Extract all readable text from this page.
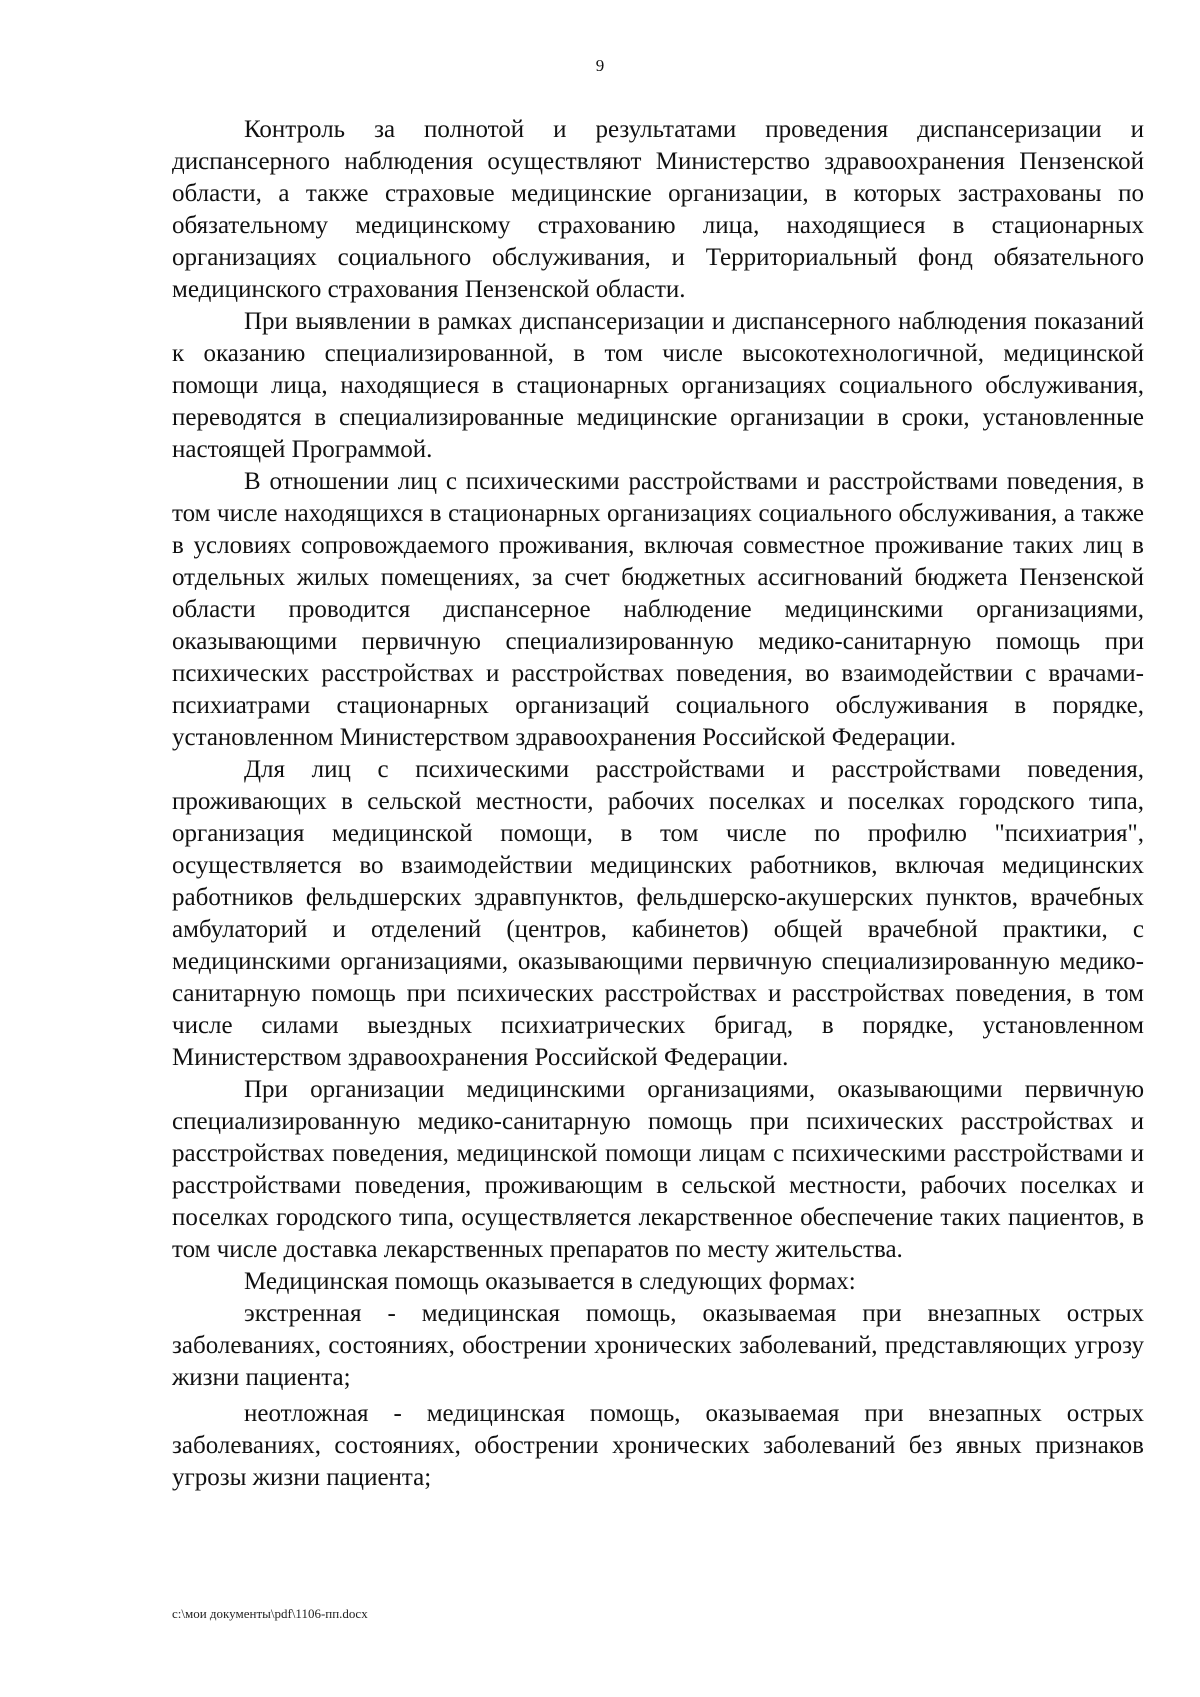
9

Контроль за полнотой и результатами проведения диспансеризации и диспансерного наблюдения осуществляют Министерство здравоохранения Пензенской области, а также страховые медицинские организации, в которых застрахованы по обязательному медицинскому страхованию лица, находящиеся в стационарных организациях социального обслуживания, и Территориальный фонд обязательного медицинского страхования Пензенской области.

При выявлении в рамках диспансеризации и диспансерного наблюдения показаний к оказанию специализированной, в том числе высокотехнологичной, медицинской помощи лица, находящиеся в стационарных организациях социального обслуживания, переводятся в специализированные медицинские организации в сроки, установленные настоящей Программой.

В отношении лиц с психическими расстройствами и расстройствами поведения, в том числе находящихся в стационарных организациях социального обслуживания, а также в условиях сопровождаемого проживания, включая совместное проживание таких лиц в отдельных жилых помещениях, за счет бюджетных ассигнований бюджета Пензенской области проводится диспансерное наблюдение медицинскими организациями, оказывающими первичную специализированную медико-санитарную помощь при психических расстройствах и расстройствах поведения, во взаимодействии с врачами-психиатрами стационарных организаций социального обслуживания в порядке, установленном Министерством здравоохранения Российской Федерации.

Для лиц с психическими расстройствами и расстройствами поведения, проживающих в сельской местности, рабочих поселках и поселках городского типа, организация медицинской помощи, в том числе по профилю "психиатрия", осуществляется во взаимодействии медицинских работников, включая медицинских работников фельдшерских здравпунктов, фельдшерско-акушерских пунктов, врачебных амбулаторий и отделений (центров, кабинетов) общей врачебной практики, с медицинскими организациями, оказывающими первичную специализированную медико-санитарную помощь при психических расстройствах и расстройствах поведения, в том числе силами выездных психиатрических бригад, в порядке, установленном Министерством здравоохранения Российской Федерации.

При организации медицинскими организациями, оказывающими первичную специализированную медико-санитарную помощь при психических расстройствах и расстройствах поведения, медицинской помощи лицам с психическими расстройствами и расстройствами поведения, проживающим в сельской местности, рабочих поселках и поселках городского типа, осуществляется лекарственное обеспечение таких пациентов, в том числе доставка лекарственных препаратов по месту жительства.

Медицинская помощь оказывается в следующих формах:

экстренная - медицинская помощь, оказываемая при внезапных острых заболеваниях, состояниях, обострении хронических заболеваний, представляющих угрозу жизни пациента;

неотложная - медицинская помощь, оказываемая при внезапных острых заболеваниях, состояниях, обострении хронических заболеваний без явных признаков угрозы жизни пациента;

c:\мои документы\pdf\1106-пп.docx
